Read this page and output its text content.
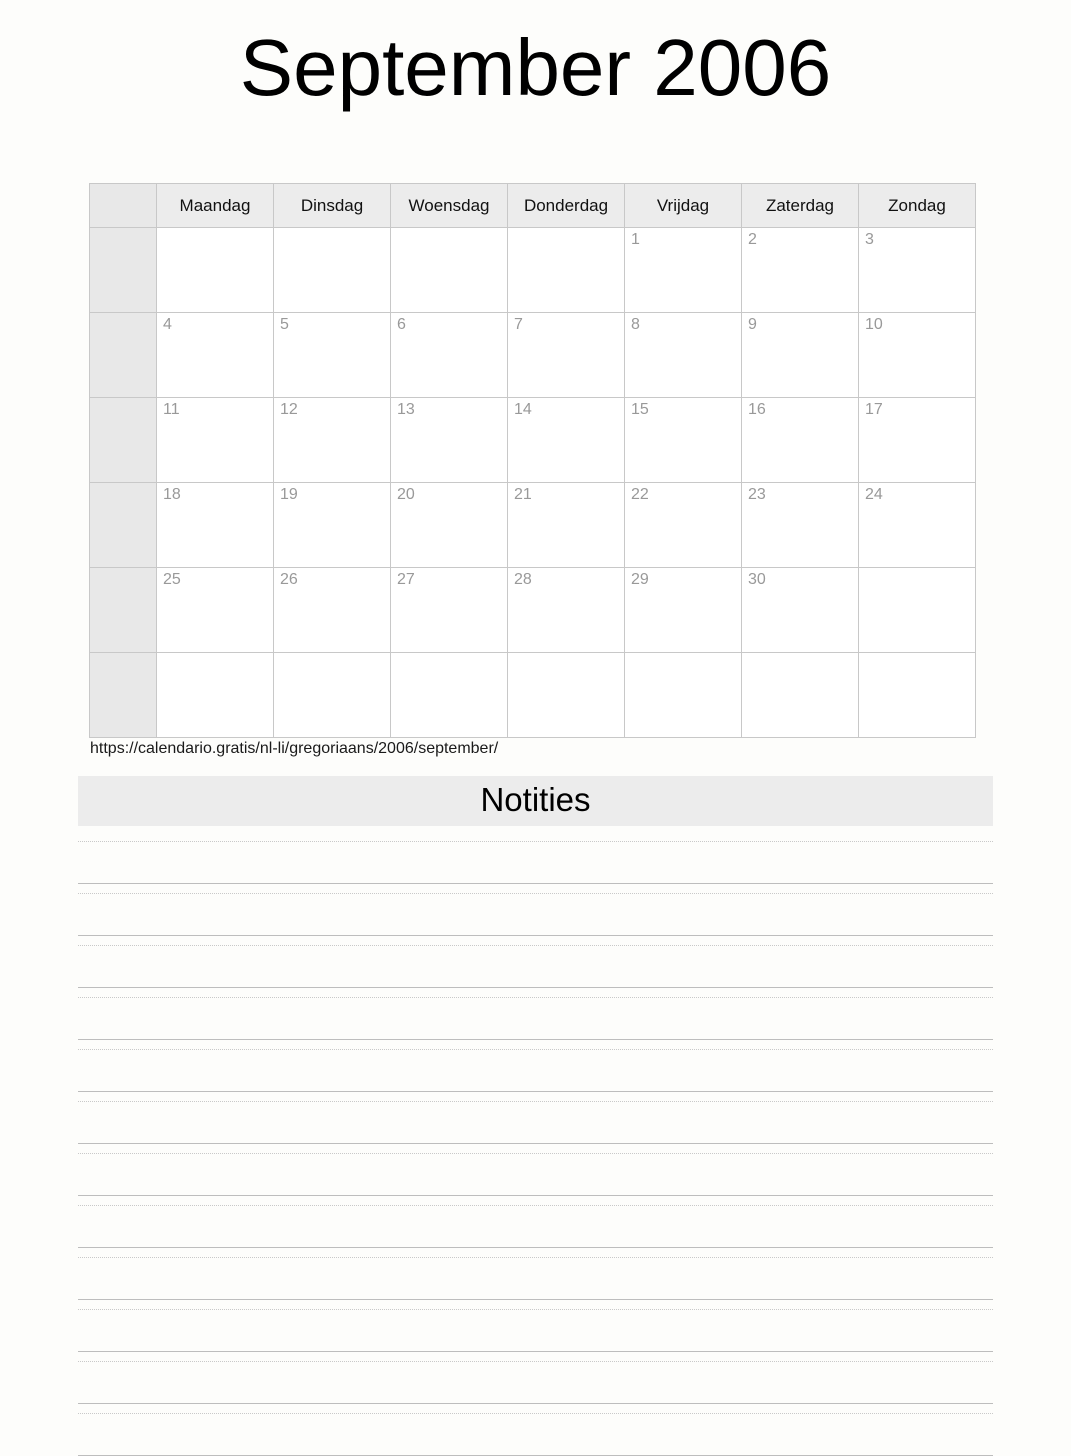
September 2006
	Maandag	Dinsdag	Woensdag	Donderdag	Vrijdag	Zaterdag	Zondag

					1	2	3

	4	5	6	7	8	9	10

	11	12	13	14	15	16	17

	18	19	20	21	22	23	24

	25	26	27	28	29	30	

https://calendario.gratis/nl-li/gregoriaans/2006/september/
Notities
